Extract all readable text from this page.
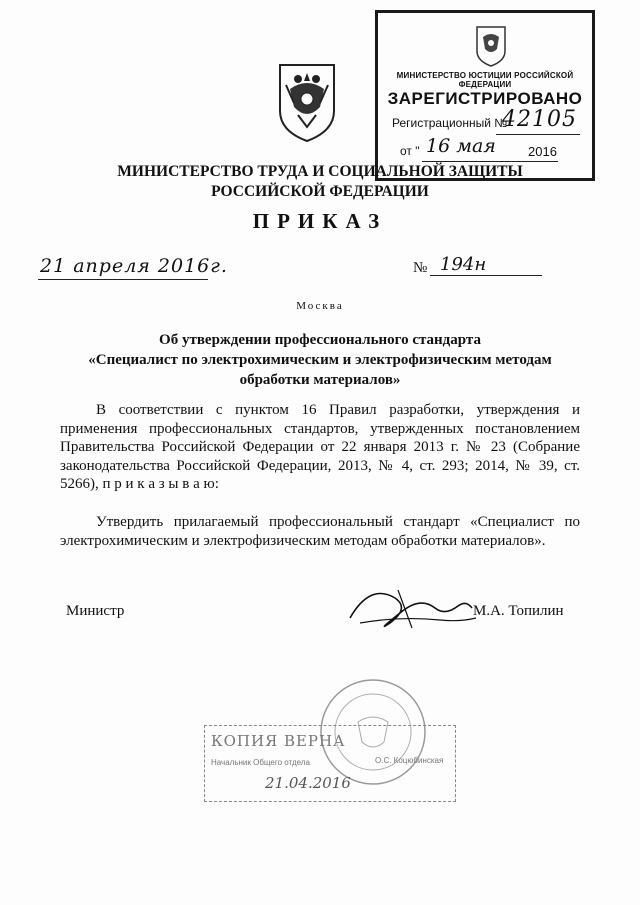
МИНИСТЕРСТВО ЮСТИЦИИ РОССИЙСКОЙ ФЕДЕРАЦИИ
ЗАРЕГИСТРИРОВАНО
Регистрационный №
42105
от " 16 мая 2016
МИНИСТЕРСТВО ТРУДА И СОЦИАЛЬНОЙ ЗАЩИТЫ
РОССИЙСКОЙ ФЕДЕРАЦИИ
ПРИКАЗ
21 апреля 2016г.	№ 194н
Москва
Об утверждении профессионального стандарта
«Специалист по электрохимическим и электрофизическим методам
обработки материалов»
В соответствии с пунктом 16 Правил разработки, утверждения и применения профессиональных стандартов, утвержденных постановлением Правительства Российской Федерации от 22 января 2013 г. № 23 (Собрание законодательства Российской Федерации, 2013, № 4, ст. 293; 2014, № 39, ст. 5266), п р и к а з ы в а ю:
Утвердить прилагаемый профессиональный стандарт «Специалист по электрохимическим и электрофизическим методам обработки материалов».
Министр	М.А. Топилин
КОПИЯ ВЕРНА
Начальник Общего отдела	О.С. Коцюбинская
21.04.2016
